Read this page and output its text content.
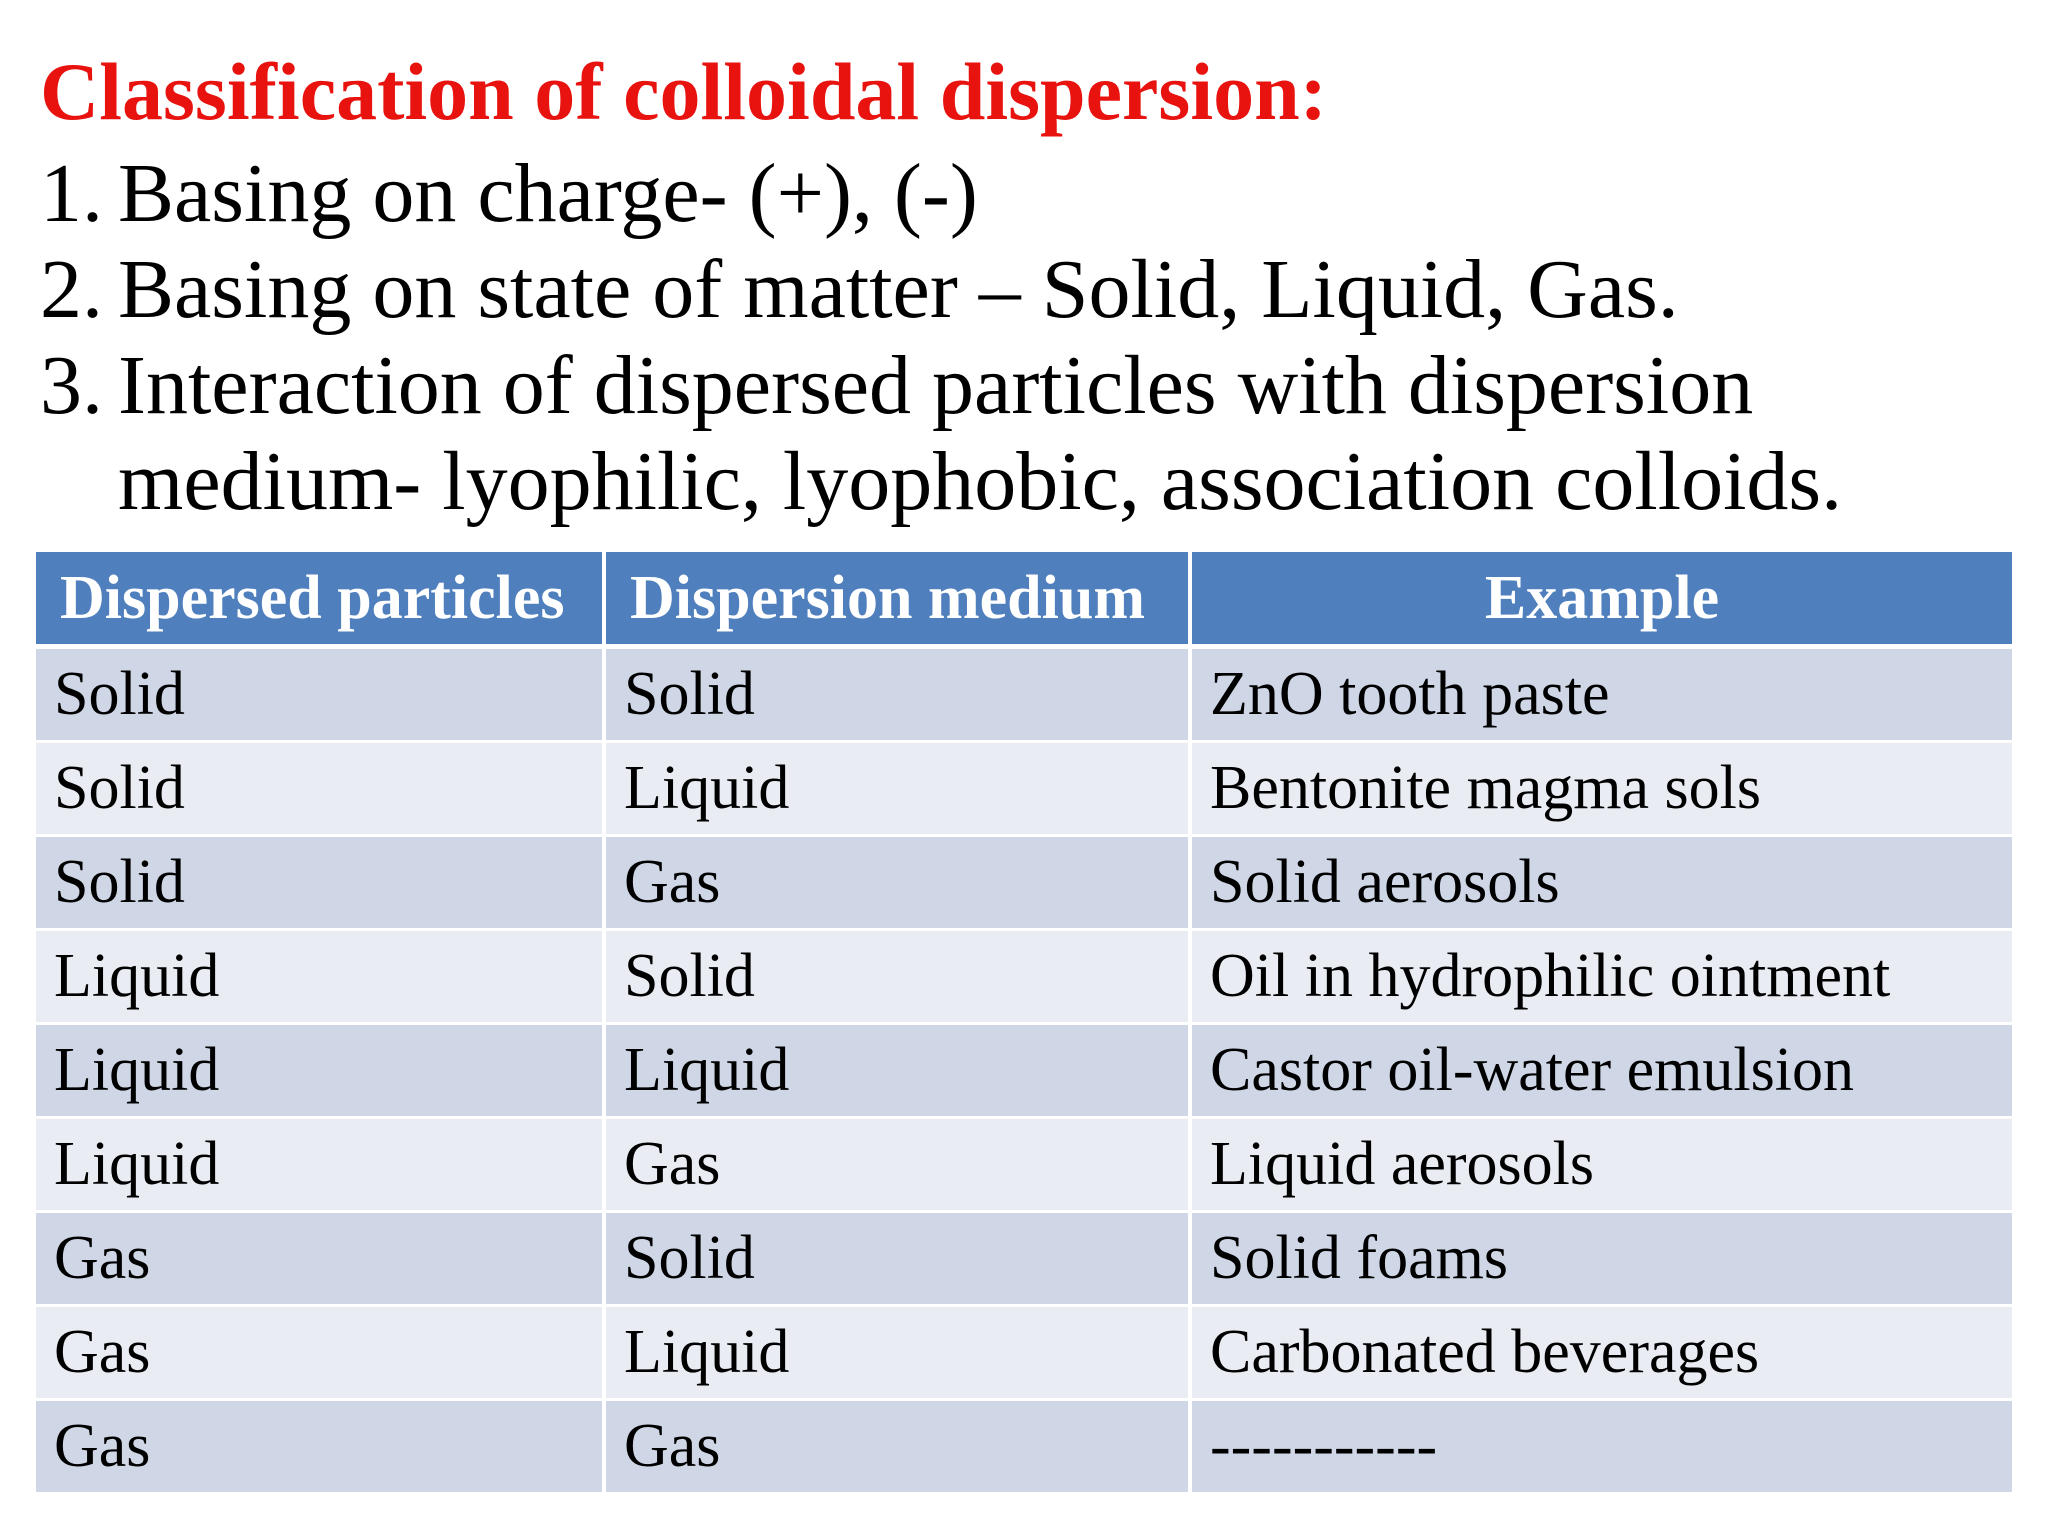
Classification of colloidal dispersion:
1. Basing on charge- (+), (-)
2. Basing on state of matter – Solid, Liquid, Gas.
3. Interaction of dispersed particles with dispersion medium- lyophilic, lyophobic, association colloids.
Dispersed particles	Dispersion medium	Example
Solid	Solid	ZnO tooth paste
Solid	Liquid	Bentonite magma sols
Solid	Gas	Solid aerosols
Liquid	Solid	Oil in hydrophilic ointment
Liquid	Liquid	Castor oil-water emulsion
Liquid	Gas	Liquid aerosols
Gas	Solid	Solid foams
Gas	Liquid	Carbonated beverages
Gas	Gas	-----------
